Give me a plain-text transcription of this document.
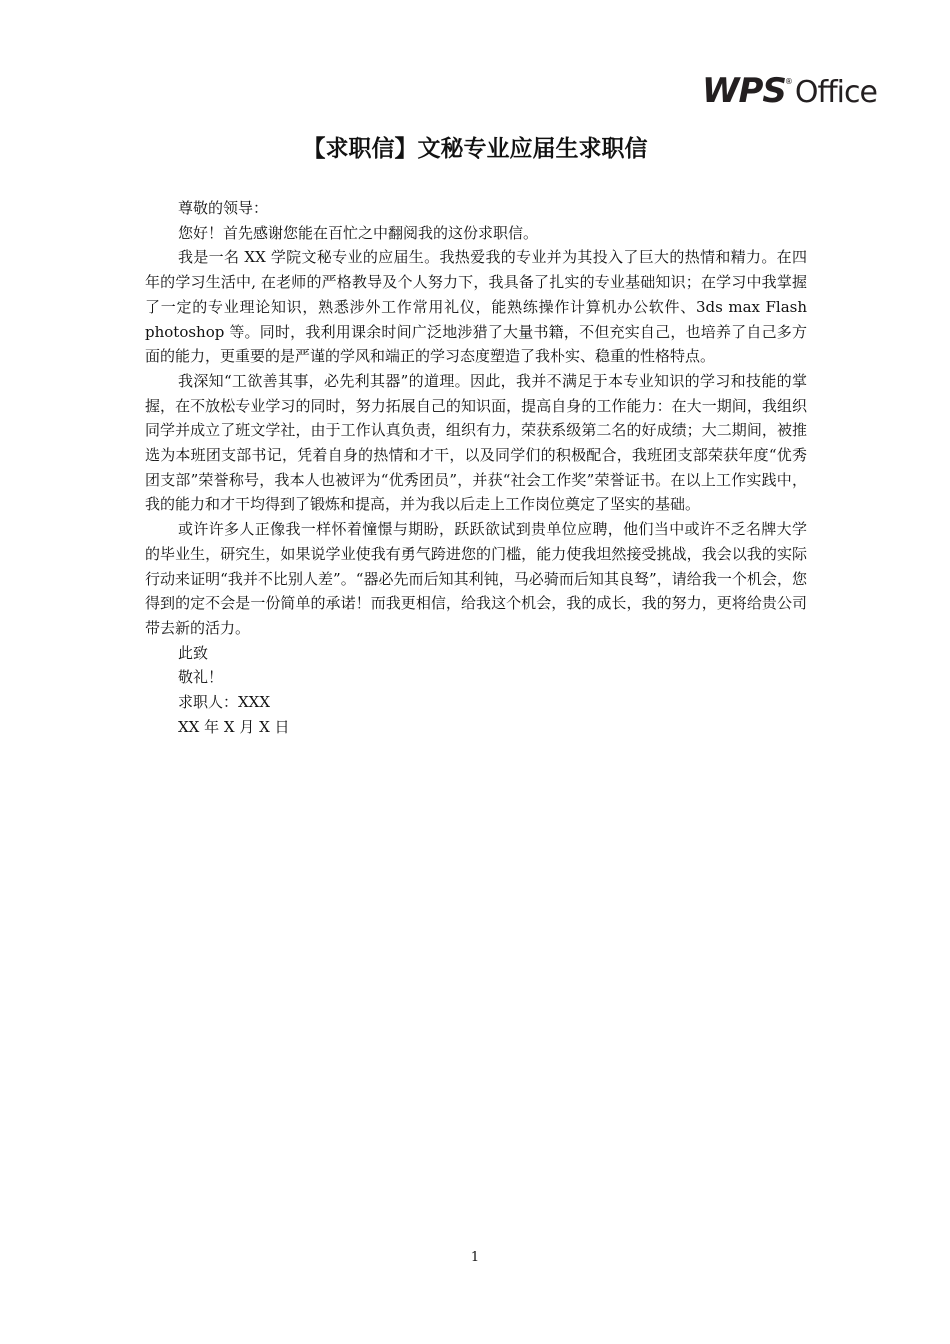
WPS®Office
【求职信】文秘专业应届生求职信

尊敬的领导：

您好！首先感谢您能在百忙之中翻阅我的这份求职信。

我是一名 XX 学院文秘专业的应届生。我热爱我的专业并为其投入了巨大的热情和精力。在四年的学习生活中, 在老师的严格教导及个人努力下，我具备了扎实的专业基础知识；在学习中我掌握了一定的专业理论知识，熟悉涉外工作常用礼仪，能熟练操作计算机办公软件、3ds max Flash photoshop 等。同时，我利用课余时间广泛地涉猎了大量书籍，不但充实自己，也培养了自己多方面的能力，更重要的是严谨的学风和端正的学习态度塑造了我朴实、稳重的性格特点。

我深知“工欲善其事，必先利其器”的道理。因此，我并不满足于本专业知识的学习和技能的掌握，在不放松专业学习的同时，努力拓展自己的知识面，提高自身的工作能力：在大一期间，我组织同学并成立了班文学社，由于工作认真负责，组织有力，荣获系级第二名的好成绩；大二期间，被推选为本班团支部书记，凭着自身的热情和才干，以及同学们的积极配合，我班团支部荣获年度“优秀团支部”荣誉称号，我本人也被评为“优秀团员”，并获“社会工作奖”荣誉证书。在以上工作实践中，我的能力和才干均得到了锻炼和提高，并为我以后走上工作岗位奠定了坚实的基础。

或许许多人正像我一样怀着憧憬与期盼，跃跃欲试到贵单位应聘，他们当中或许不乏名牌大学的毕业生，研究生，如果说学业使我有勇气跨进您的门槛，能力使我坦然接受挑战，我会以我的实际行动来证明“我并不比别人差”。“器必先而后知其利钝，马必骑而后知其良驽”，请给我一个机会，您得到的定不会是一份简单的承诺！而我更相信，给我这个机会，我的成长，我的努力，更将给贵公司带去新的活力。

此致

敬礼！

求职人：XXX

XX 年 X 月 X 日

1
